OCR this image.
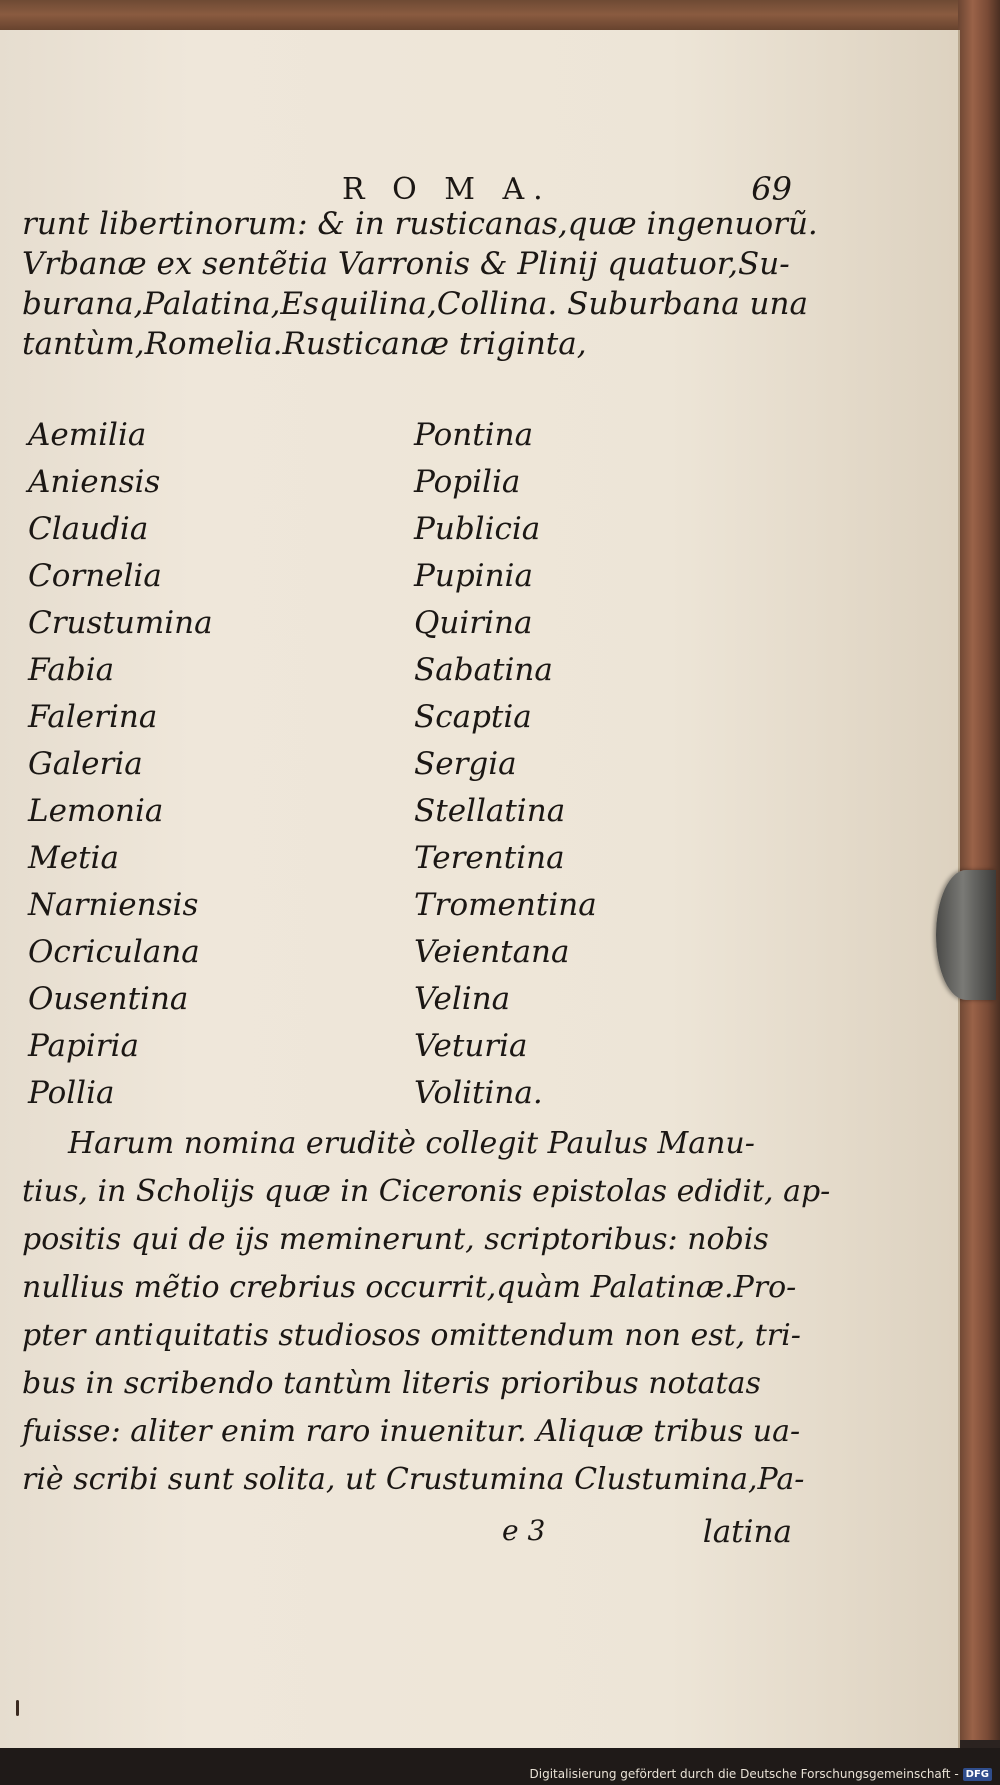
R O M A.	69
runt libertinorum: & in rusticanas,quæ ingenuorũ.
Vrbanæ ex sentẽtia Varronis & Plinij quatuor,Su-
burana,Palatina,Esquilina,Collina. Suburbana una
tantùm,Romelia.Rusticanæ triginta,
Aemilia
Aniensis
Claudia
Cornelia
Crustumina
Fabia
Falerina
Galeria
Lemonia
Metia
Narniensis
Ocriculana
Ousentina
Papiria
Pollia
Pontina
Popilia
Publicia
Pupinia
Quirina
Sabatina
Scaptia
Sergia
Stellatina
Terentina
Tromentina
Veientana
Velina
Veturia
Volitina.
Harum nomina eruditè collegit Paulus Manu-
tius, in Scholijs quæ in Ciceronis epistolas edidit, ap-
positis qui de ijs meminerunt, scriptoribus: nobis
nullius mẽtio crebrius occurrit,quàm Palatinæ.Pro-
pter antiquitatis studiosos omittendum non est, tri-
bus in scribendo tantùm literis prioribus notatas
fuisse: aliter enim raro inuenitur. Aliquæ tribus ua-
riè scribi sunt solita, ut Crustumina Clustumina,Pa-
e 3	latina
Digitalisierung gefördert durch die Deutsche Forschungsgemeinschaft - DFG
